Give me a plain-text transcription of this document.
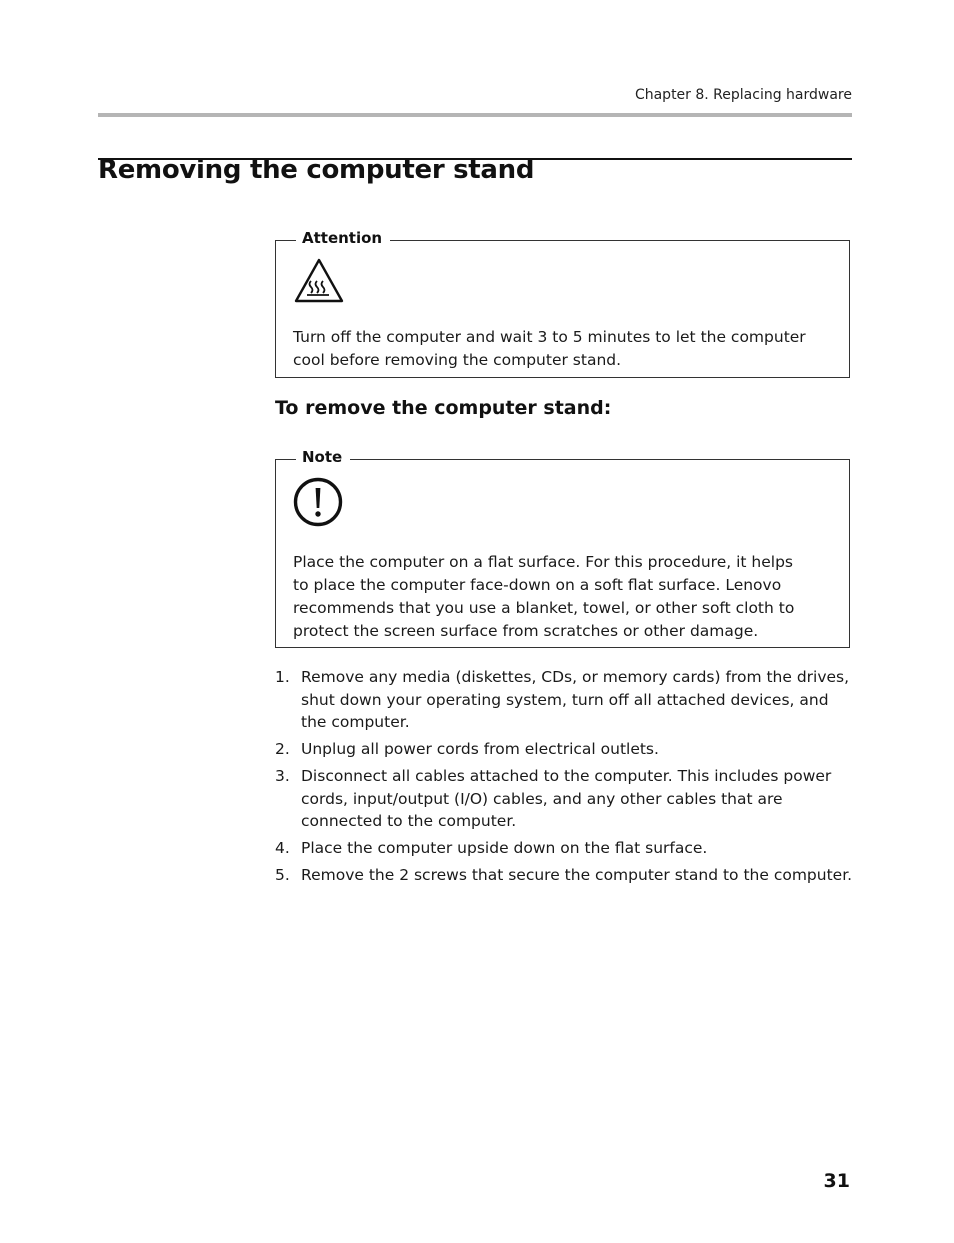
Chapter 8. Replacing hardware
Removing the computer stand
Attention

Turn off the computer and wait 3 to 5 minutes to let the computer

cool before removing the computer stand.

To remove the computer stand:
Note

Place the computer on a flat surface. For this procedure, it helps

to place the computer face-down on a soft flat surface. Lenovo

recommends that you use a blanket, towel, or other soft cloth to

protect the screen surface from scratches or other damage.

1. Remove any media (diskettes, CDs, or memory cards) from the drives,
shut down your operating system, turn off all attached devices, and
the computer.
2. Unplug all power cords from electrical outlets.
3. Disconnect all cables attached to the computer. This includes power
cords, input/output (I/O) cables, and any other cables that are
connected to the computer.
4. Place the computer upside down on the flat surface.
5. Remove the 2 screws that secure the computer stand to the computer.
31
